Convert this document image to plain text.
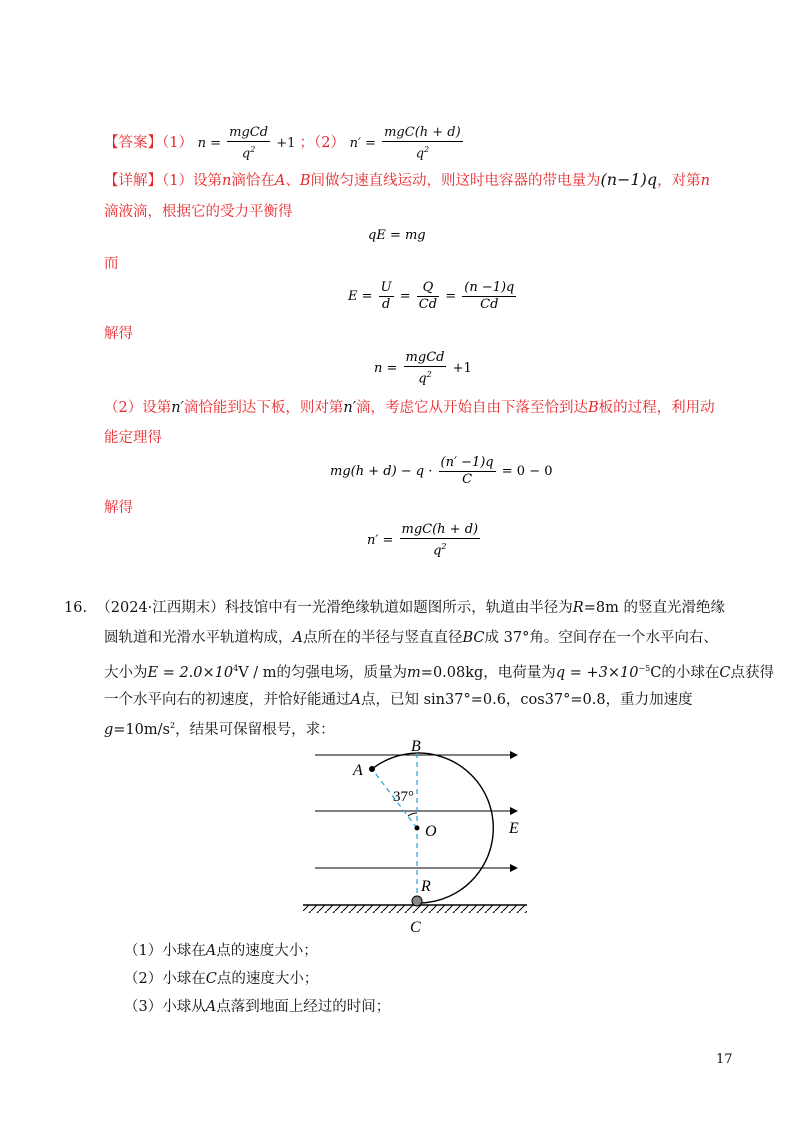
【答案】（1） $n = \frac{\text{mgCd}}{q^2} +1$ ；（2） $n' = \frac{\text{mgC(h + d)}}{q^2}$
【详解】（1）设第n滴恰在A、B间做匀速直线运动，则这时电容器的带电量为(n−1)q，对第n
滴液滴，根据它的受力平衡得
qE = mg
而
$E = \frac{U}{d} = \frac{Q}{Cd} = \frac{(n -1)q}{Cd}$
解得
$n = \frac{\text{mgCd}}{q^2} +1$
（2）设第n′滴恰能到达下板，则对第n′滴，考虑它从开始自由下落至恰到达B板的过程，利用动
能定理得
$mg(h + d) - q \cdot \frac{(n' -1)q}{C} = 0 - 0$
解得
$n' = \frac{\text{mgC(h + d)}}{q^2}$
16. （2024·江西期末）科技馆中有一光滑绝缘轨道如题图所示，轨道由半径为R=8m 的竖直光滑绝缘
圆轨道和光滑水平轨道构成，A点所在的半径与竖直直径BC成 37°角。空间存在一个水平向右、
大小为$E = 2.0\times 10^4V / m$的匀强电场，质量为m=0.08kg，电荷量为$q = +3\times 10^{-5}C$的小球在C点获得
一个水平向右的初速度，并恰好能通过A点，已知 sin37°=0.6，cos37°=0.8，重力加速度
$g=10m/s^2$，结果可保留根号，求：
A
B
37°
O	E
R
C
（1）小球在A点的速度大小；
（2）小球在C点的速度大小；
（3）小球从A点落到地面上经过的时间；
17
